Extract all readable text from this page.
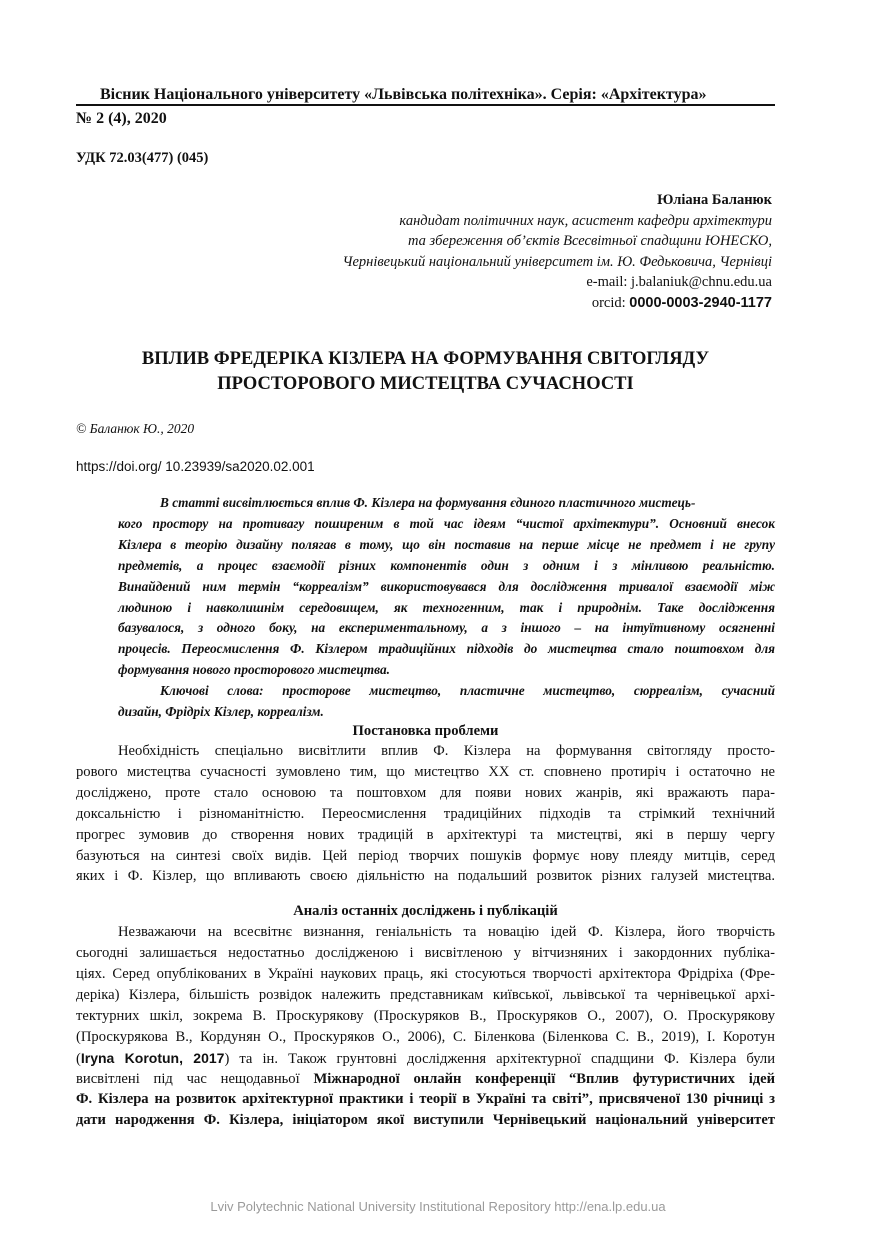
Вісник Національного університету «Львівська політехніка». Серія: «Архітектура»
№ 2 (4), 2020
УДК 72.03(477) (045)
Юліана Баланюк
кандидат політичних наук, асистент кафедри архітектури
та збереження об’єктів Всесвітньої спадщини ЮНЕСКО,
Чернівецький національний університет ім. Ю. Федьковича, Чернівці
e-mail: j.balaniuk@chnu.edu.ua
orcid: 0000-0003-2940-1177
ВПЛИВ ФРЕДЕРІКА КІЗЛЕРА НА ФОРМУВАННЯ СВІТОГЛЯДУ
ПРОСТОРОВОГО МИСТЕЦТВА СУЧАСНОСТІ
© Баланюк Ю., 2020
https://doi.org/ 10.23939/sa2020.02.001
В статті висвітлюється вплив Ф. Кізлера на формування єдиного пластичного мистець-
кого простору на противагу поширеним в той час ідеям “чистої архітектури”. Основний внесок
Кізлера в теорію дизайну полягав в тому, що він поставив на перше місце не предмет і не групу
предметів, а процес взаємодії різних компонентів один з одним і з мінливою реальністю.
Винайдений ним термін “корреалізм” використовувався для дослідження тривалої взаємодії між
людиною і навколишнім середовищем, як техногенним, так і природнім. Таке дослідження
базувалося, з одного боку, на експериментальному, а з іншого – на інтуїтивному осягненні
процесів. Переосмислення Ф. Кізлером традиційних підходів до мистецтва стало поштовхом для
формування нового просторового мистецтва.
Ключові слова: просторове мистецтво, пластичне мистецтво, сюрреалізм, сучасний
дизайн, Фрідріх Кізлер, корреалізм.
Постановка проблеми
Необхідність спеціально висвітлити вплив Ф. Кізлера на формування світогляду просто-
рового мистецтва сучасності зумовлено тим, що мистецтво ХХ ст. сповнено протиріч і остаточно не
досліджено, проте стало основою та поштовхом для появи нових жанрів, які вражають пара-
доксальністю і різноманітністю. Переосмислення традиційних підходів та стрімкий технічний
прогрес зумовив до створення нових традицій в архітектурі та мистецтві, які в першу чергу
базуються на синтезі своїх видів. Цей період творчих пошуків формує нову плеяду митців, серед
яких і Ф. Кізлер, що впливають своєю діяльністю на подальший розвиток різних галузей мистецтва.
Аналіз останніх досліджень і публікацій
Незважаючи на всесвітнє визнання, геніальність та новацію ідей Ф. Кізлера, його творчість
сьогодні залишається недостатньо дослідженою і висвітленою у вітчизняних і закордонних публіка-
ціях. Серед опублікованих в Україні наукових праць, які стосуються творчості архітектора Фрідріха (Фре-
деріка) Кізлера, більшість розвідок належить представникам київської, львівської та чернівецької архі-
тектурних шкіл, зокрема В. Проскурякову (Проскуряков В., Проскуряков О., 2007), О. Проскурякову
(Проскурякова В., Кордунян О., Проскуряков О., 2006), С. Біленкова (Біленкова С. В., 2019), І. Коротун
(Iryna Korotun, 2017) та ін. Також грунтовні дослідження архітектурної спадщини Ф. Кізлера були
висвітлені під час нещодавньої Міжнародної онлайн конференції “Вплив футуристичних ідей
Ф. Кізлера на розвиток архітектурної практики і теорії в Україні та світі”, присвяченої 130 річниці з
дати народження Ф. Кізлера, ініціатором якої виступили Чернівецький національний університет
Lviv Polytechnic National University Institutional Repository http://ena.lp.edu.ua
